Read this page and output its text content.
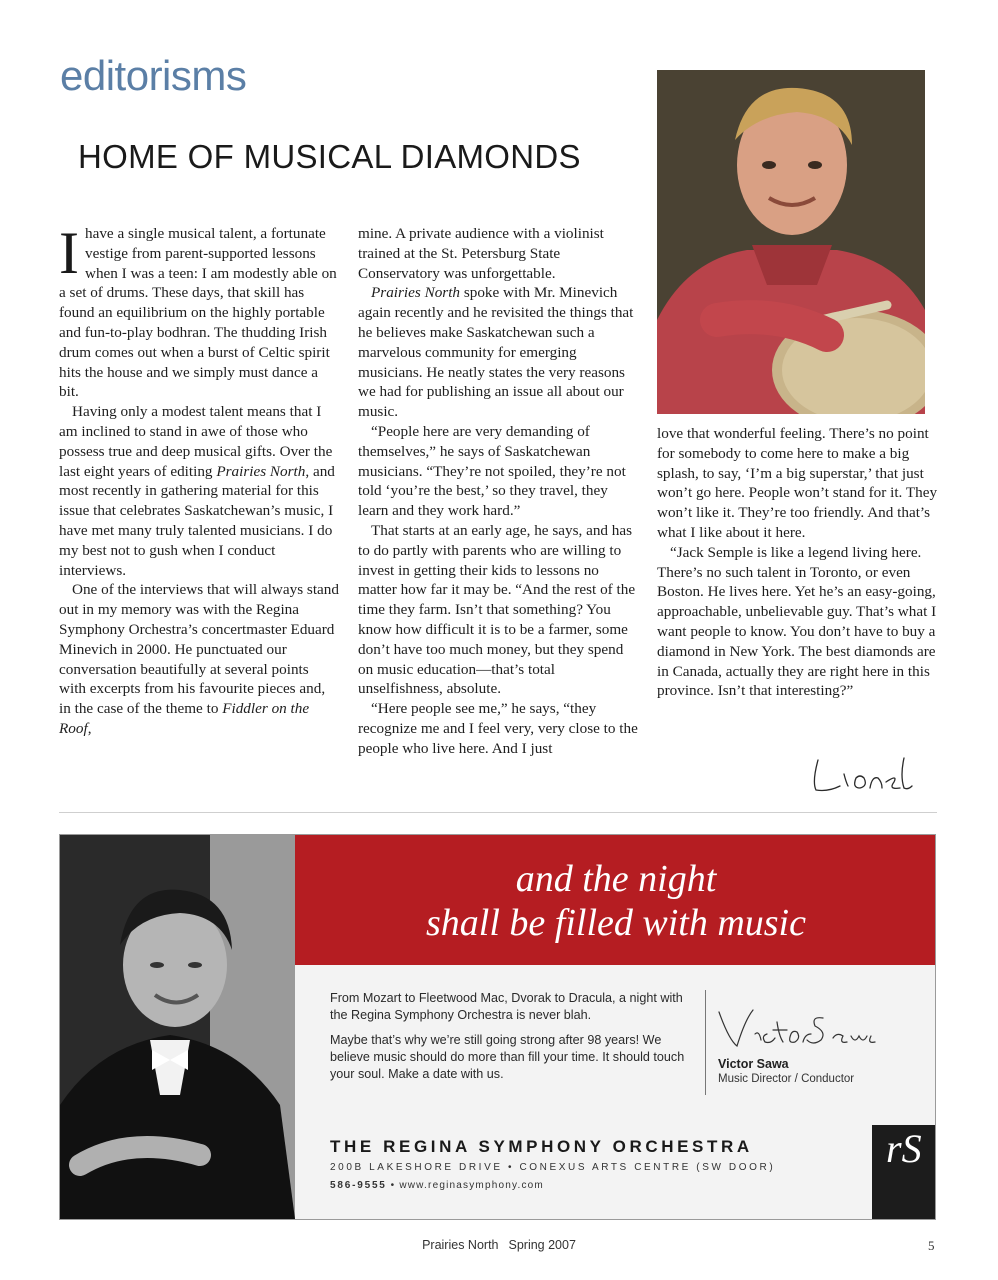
editorisms
HOME OF MUSICAL DIAMONDS

Ihave a single musical talent, a fortunate vestige from parent-supported lessons when I was a teen: I am modestly able on a set of drums. These days, that skill has found an equilibrium on the highly portable and fun-to-play bodhran. The thudding Irish drum comes out when a burst of Celtic spirit hits the house and we simply must dance a bit.

Having only a modest talent means that I am inclined to stand in awe of those who possess true and deep musical gifts. Over the last eight years of editing Prairies North, and most recently in gathering material for this issue that celebrates Saskatchewan’s music, I have met many truly talented musicians. I do my best not to gush when I conduct interviews.

One of the interviews that will always stand out in my memory was with the Regina Symphony Orchestra’s concertmaster Eduard Minevich in 2000. He punctuated our conversation beautifully at several points with excerpts from his favourite pieces and, in the case of the theme to Fiddler on the Roof,

mine. A private audience with a violinist trained at the St. Petersburg State Conservatory was unforgettable.

Prairies North spoke with Mr. Minevich again recently and he revisited the things that he believes make Saskatchewan such a marvelous community for emerging musicians. He neatly states the very reasons we had for publishing an issue all about our music.

“People here are very demanding of themselves,” he says of Saskatchewan musicians. “They’re not spoiled, they’re not told ‘you’re the best,’ so they travel, they learn and they work hard.”

That starts at an early age, he says, and has to do partly with parents who are willing to invest in getting their kids to lessons no matter how far it may be. “And the rest of the time they farm. Isn’t that something? You know how difficult it is to be a farmer, some don’t have too much money, but they spend on music education—that’s total unselfishness, absolute.

“Here people see me,” he says, “they recognize me and I feel very, very close to the people who live here. And I just

love that wonderful feeling. There’s no point for somebody to come here to make a big splash, to say, ‘I’m a big superstar,’ that just won’t go here. People won’t stand for it. They won’t like it. They’re too friendly. And that’s what I like about it here.

“Jack Semple is like a legend living here. There’s no such talent in Toronto, or even Boston. He lives here. Yet he’s an easy-going, approachable, unbelievable guy. That’s what I want people to know. You don’t have to buy a diamond in New York. The best diamonds are in Canada, actually they are right here in this province. Isn’t that interesting?”

and the night
shall be filled with music

From Mozart to Fleetwood Mac, Dvorak to Dracula, a night with the Regina Symphony Orchestra is never blah.

Maybe that’s why we’re still going strong after 98 years! We believe music should do more than fill your time. It should touch your soul. Make a date with us.

Victor Sawa
Music Director / Conductor
THE REGINA SYMPHONY ORCHESTRA
200B LAKESHORE DRIVE • CONEXUS ARTS CENTRE (SW DOOR)
586-9555 • www.reginasymphony.com
rS
Prairies North Spring 2007	5
